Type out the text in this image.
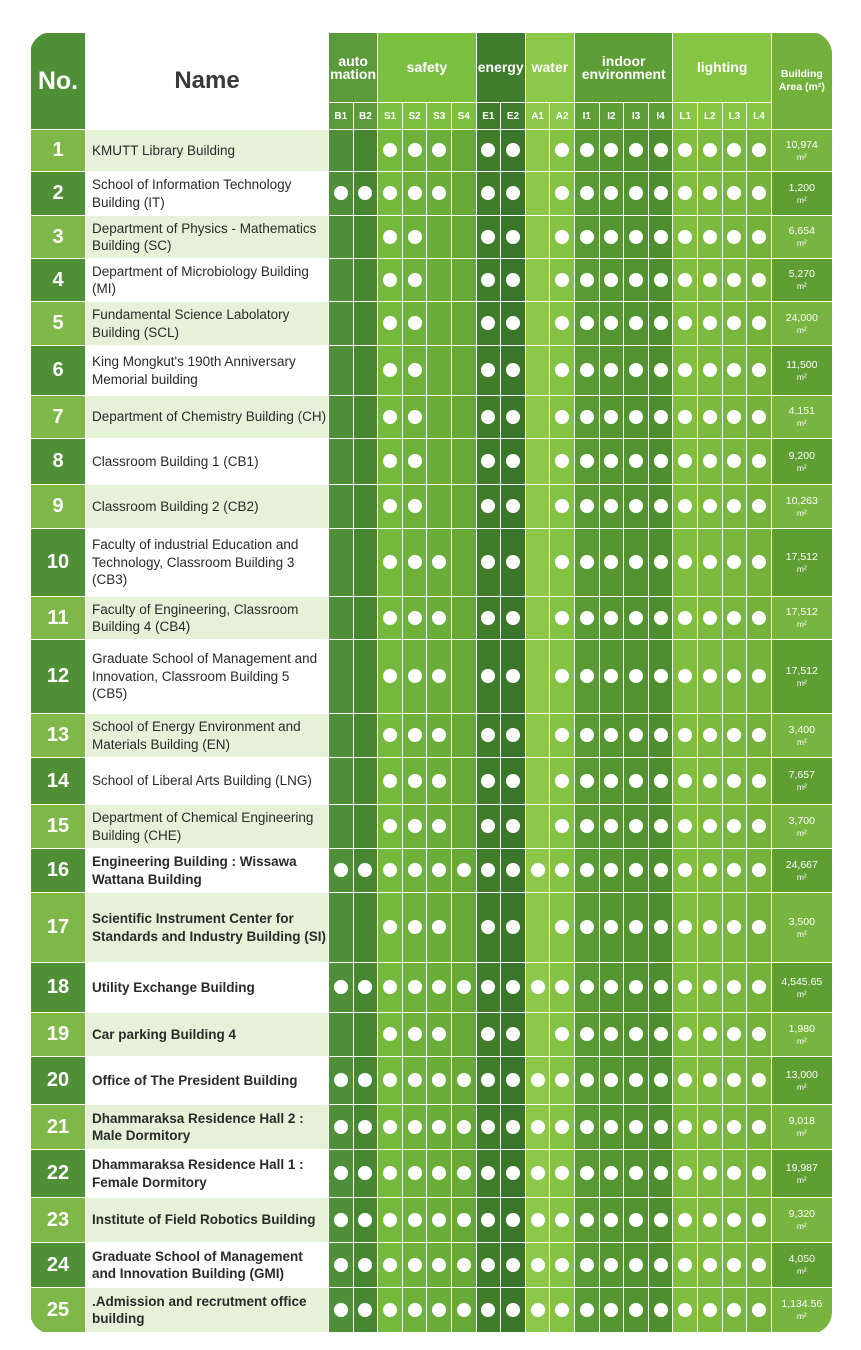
No.	Name	auto mation		safety				energy		water		indoor environment				lighting				Building Area (m²)
		B1	B2	S1	S2	S3	S4	E1	E2	A1	A2	I1	I2	I3	I4	L1	L2	L3	L4	
1	KMUTT Library Building																			10,974
m²

2	School of Information Technology Building (IT)																			1,200
m²

3	Department of Physics - Mathematics Building (SC)																			6,654
m²

4	Department of Microbiology Building (MI)																			5,270
m²

5	Fundamental Science Labolatory Building (SCL)																			24,000
m²

6	King Mongkut's 190th Anniversary Memorial building																			11,500
m²

7	Department of Chemistry Building (CH)																			4,151
m²

8	Classroom Building 1 (CB1)																			9,200
m²

9	Classroom Building 2 (CB2)																			10,263
m²

10	Faculty of industrial Education and Technology, Classroom Building 3 (CB3)																			17,512
m²

11	Faculty of Engineering, Classroom Building 4 (CB4)																			17,512
m²

12	Graduate School of Management and Innovation, Classroom Building 5 (CB5)																			17,512
m²

13	School of Energy Environment and Materials Building (EN)																			3,400
m²

14	School of Liberal Arts Building (LNG)																			7,657
m²

15	Department of Chemical Engineering Building (CHE)																			3,700
m²

16	Engineering Building : Wissawa Wattana Building																			24,667
m²

17	Scientific Instrument Center for Standards and Industry Building (SI)																			3,500
m²

18	Utility Exchange Building																			4,545.65
m²

19	Car parking Building 4																			1,980
m²

20	Office of The President Building																			13,000
m²

21	Dhammaraksa Residence Hall 2 : Male Dormitory																			9,018
m²

22	Dhammaraksa Residence Hall 1 : Female Dormitory																			19,987
m²

23	Institute of Field Robotics Building																			9,320
m²

24	Graduate School of Management and Innovation Building (GMI)																			4,050
m²

25	.Admission and recrutment office building																			1,134.56
m²
